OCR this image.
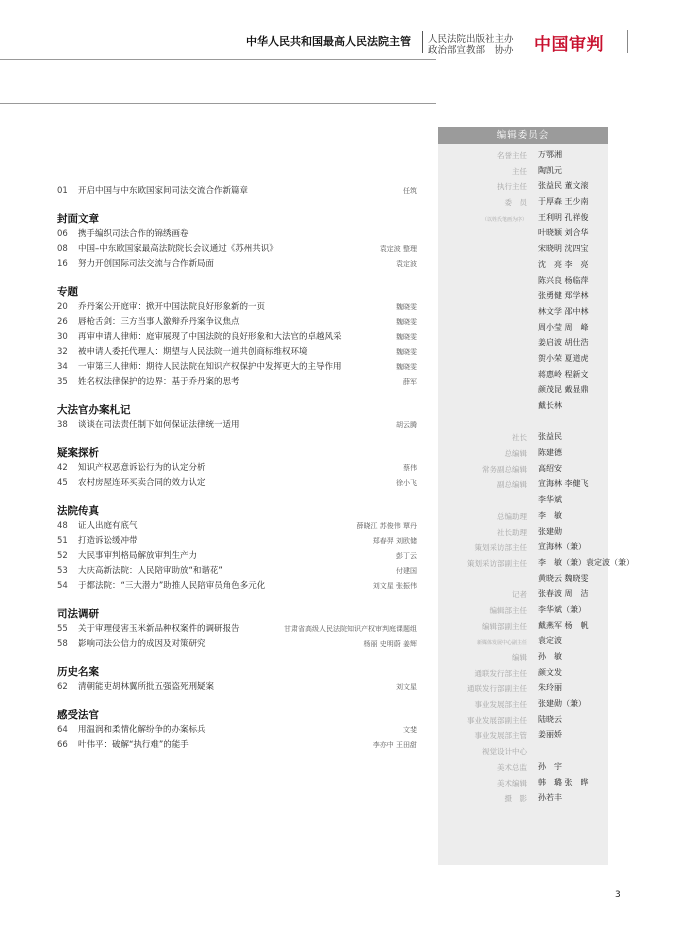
中华人民共和国最高人民法院主管 人民法院出版社主办
政治部宣教部　协办 中国审判
01 开启中国与中东欧国家间司法交流合作新篇章	任筑
封面文章
06 携手编织司法合作的锦绣画卷
08 中国–中东欧国家最高法院院长会议通过《苏州共识》	袁定波 整理
16 努力开创国际司法交流与合作新局面	袁定波
专题
20 乔丹案公开庭审：掀开中国法院良好形象新的一页	魏晓雯
26 唇枪舌剑：三方当事人激辩乔丹案争议焦点	魏晓雯
30 再审申请人律师：庭审展现了中国法院的良好形象和大法官的卓越风采	魏晓雯
32 被申请人委托代理人：期望与人民法院一道共创商标维权环境	魏晓雯
34 一审第三人律师：期待人民法院在知识产权保护中发挥更大的主导作用	魏晓雯
35 姓名权法律保护的边界：基于乔丹案的思考	薛军
大法官办案札记
38 谈谈在司法责任制下如何保证法律统一适用	胡云腾
疑案探析
42 知识产权恶意诉讼行为的认定分析	蔡伟
45 农村房屋连环买卖合同的效力认定	徐小飞
法院传真
48 证人出庭有底气	薛晓江 苏俊伟 覃丹
51 打造诉讼缓冲带	郑春羿 刘欧储
52 大民事审判格局解放审判生产力	彭丁云
53 大庆高新法院：人民陪审助放“和谐花”	付建国
54 于都法院：“三大潜力”助推人民陪审员角色多元化	刘文星 张振伟
司法调研
55 关于审理侵害玉米新品种权案件的调研报告	甘肃省高级人民法院知识产权审判庭课题组
58 影响司法公信力的成因及对策研究	杨丽 史明蔚 姜辉
历史名案
62 清朝能吏胡林翼所批五强盗死刑疑案	刘文星
感受法官
64 用温润和柔情化解纷争的办案标兵	文斐
66 叶伟平：破解“执行难”的能手	李亦中 王田甜
编辑委员会
名誉主任 万鄂湘
主任 陶凯元
执行主任 张益民 董文滚
委　员 于厚森 王少南
（以姓氏笔画为序） 王利明 孔祥俊
叶晓颖 刘合华
宋晓明 沈四宝
沈　亮 李　亮
陈兴良 杨临萍
张勇健 郑学林
林文学 邵中林
周小莹 周　峰
姜启波 胡仕浩
贺小荣 夏道虎
蒋惠岭 程新文
颜茂昆 戴显鼎
戴长林
社长 张益民
总编辑 陈建德
常务副总编辑 高绍安
副总编辑 宣海林 李健飞
李华斌
总编助理 李　敏
社长助理 张建勋
策划采访部主任 宣海林（兼）
策划采访部副主任 李　敏（兼）袁定波（兼）
黄晓云 魏晓雯
记者 张春波 周　洁
编辑部主任 李华斌（兼）
编辑部副主任 戴燕军 杨　帆
新媒体发展中心副主任 袁定波
编辑 孙　敏
通联发行部主任 颜文发
通联发行部副主任 朱玲丽
事业发展部主任 张建勋（兼）
事业发展部副主任 陆晓云
事业发展部主管 姜丽娇
视觉设计中心
美术总监 孙　宇
美术编辑 韩　璐 张　晔
摄　影 孙若丰
3
